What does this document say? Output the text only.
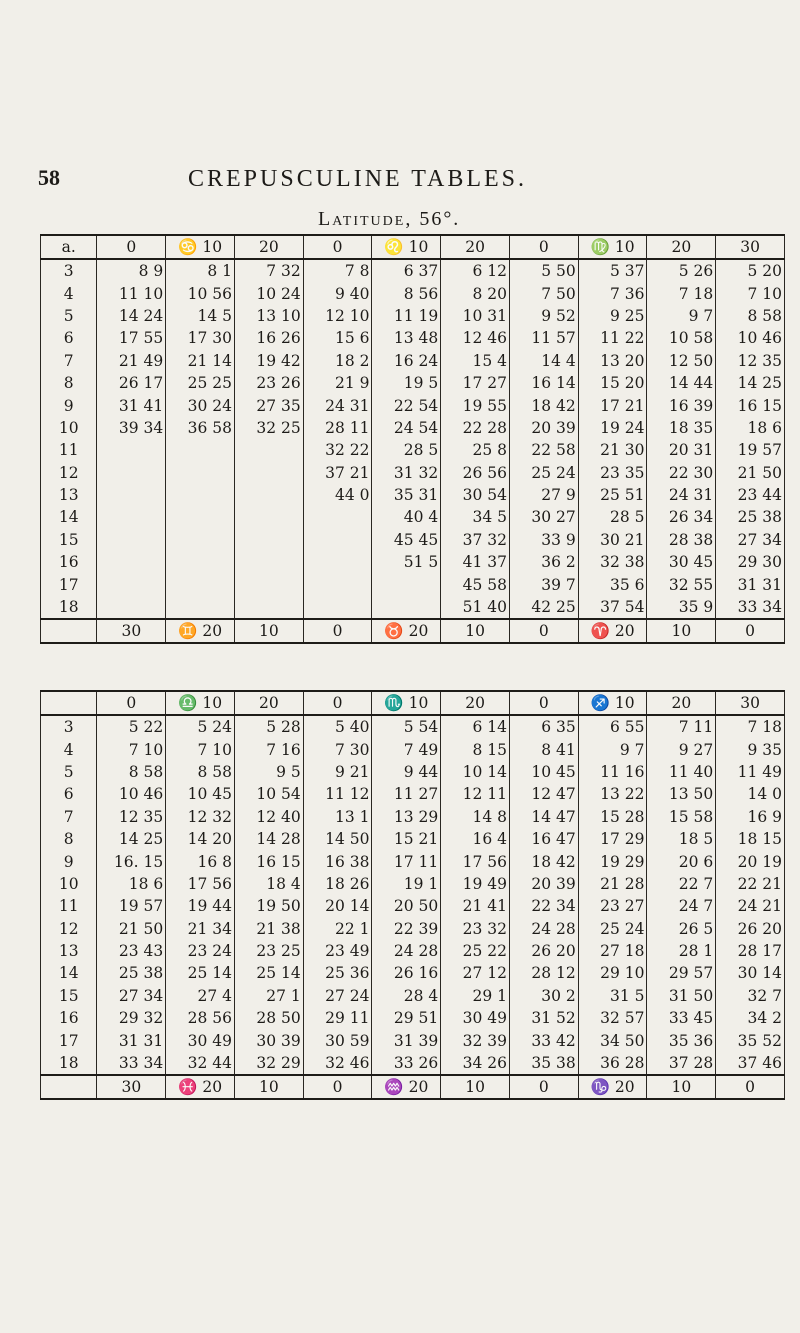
58	CREPUSCULINE TABLES.
Latitude, 56°.
a.	0	♋ 10	20	0	♌ 10	20	0	♍ 10	20	30
3	8 9	8 1	7 32	7 8	6 37	6 12	5 50	5 37	5 26	5 20
4	11 10	10 56	10 24	9 40	8 56	8 20	7 50	7 36	7 18	7 10
5	14 24	14 5	13 10	12 10	11 19	10 31	9 52	9 25	9 7	8 58
6	17 55	17 30	16 26	15 6	13 48	12 46	11 57	11 22	10 58	10 46
7	21 49	21 14	19 42	18 2	16 24	15 4	14 4	13 20	12 50	12 35
8	26 17	25 25	23 26	21 9	19 5	17 27	16 14	15 20	14 44	14 25
9	31 41	30 24	27 35	24 31	22 54	19 55	18 42	17 21	16 39	16 15
10	39 34	36 58	32 25	28 11	24 54	22 28	20 39	19 24	18 35	18 6
11				32 22	28 5	25 8	22 58	21 30	20 31	19 57
12				37 21	31 32	26 56	25 24	23 35	22 30	21 50
13				44 0	35 31	30 54	27 9	25 51	24 31	23 44
14					40 4	34 5	30 27	28 5	26 34	25 38
15					45 45	37 32	33 9	30 21	28 38	27 34
16					51 5	41 37	36 2	32 38	30 45	29 30
17						45 58	39 7	35 6	32 55	31 31
18						51 40	42 25	37 54	35 9	33 34
	30	♊ 20	10	0	♉ 20	10	0	♈ 20	10	0
	0	♎ 10	20	0	♏ 10	20	0	♐ 10	20	30
3	5 22	5 24	5 28	5 40	5 54	6 14	6 35	6 55	7 11	7 18
4	7 10	7 10	7 16	7 30	7 49	8 15	8 41	9 7	9 27	9 35
5	8 58	8 58	9 5	9 21	9 44	10 14	10 45	11 16	11 40	11 49
6	10 46	10 45	10 54	11 12	11 27	12 11	12 47	13 22	13 50	14 0
7	12 35	12 32	12 40	13 1	13 29	14 8	14 47	15 28	15 58	16 9
8	14 25	14 20	14 28	14 50	15 21	16 4	16 47	17 29	18 5	18 15
9	16. 15	16 8	16 15	16 38	17 11	17 56	18 42	19 29	20 6	20 19
10	18 6	17 56	18 4	18 26	19 1	19 49	20 39	21 28	22 7	22 21
11	19 57	19 44	19 50	20 14	20 50	21 41	22 34	23 27	24 7	24 21
12	21 50	21 34	21 38	22 1	22 39	23 32	24 28	25 24	26 5	26 20
13	23 43	23 24	23 25	23 49	24 28	25 22	26 20	27 18	28 1	28 17
14	25 38	25 14	25 14	25 36	26 16	27 12	28 12	29 10	29 57	30 14
15	27 34	27 4	27 1	27 24	28 4	29 1	30 2	31 5	31 50	32 7
16	29 32	28 56	28 50	29 11	29 51	30 49	31 52	32 57	33 45	34 2
17	31 31	30 49	30 39	30 59	31 39	32 39	33 42	34 50	35 36	35 52
18	33 34	32 44	32 29	32 46	33 26	34 26	35 38	36 28	37 28	37 46
	30	♓ 20	10	0	♒ 20	10	0	♑ 20	10	0
